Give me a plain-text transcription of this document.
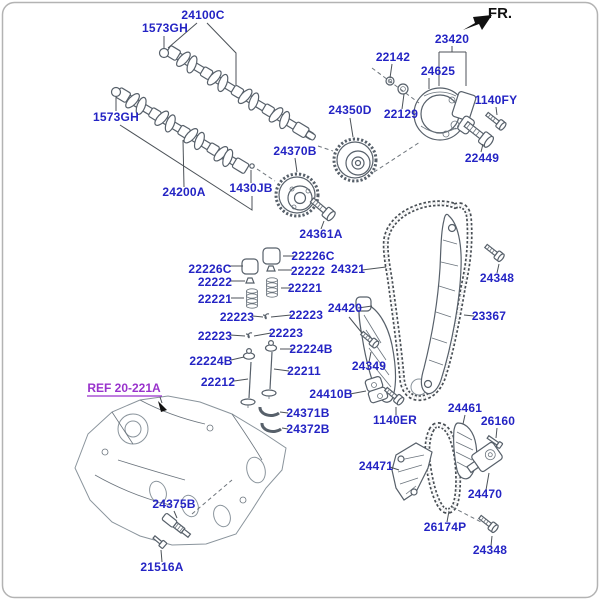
FR.
REF 20-221A
24100C
1573GH
1573GH
24200A 1430JB
24370B
24350D
24361A
23420
22142
24625
22129
1140FY
22449
24321
24348
23367
24420
24349
24410B
1140ER
24461
26160
24471
24470
26174P
24348
22226C
22226C
22222
22222
22221
22221
22223	22223
22223	22223
22224B
22224B
22211
22212
24371B
24372B
24375B
21516A
